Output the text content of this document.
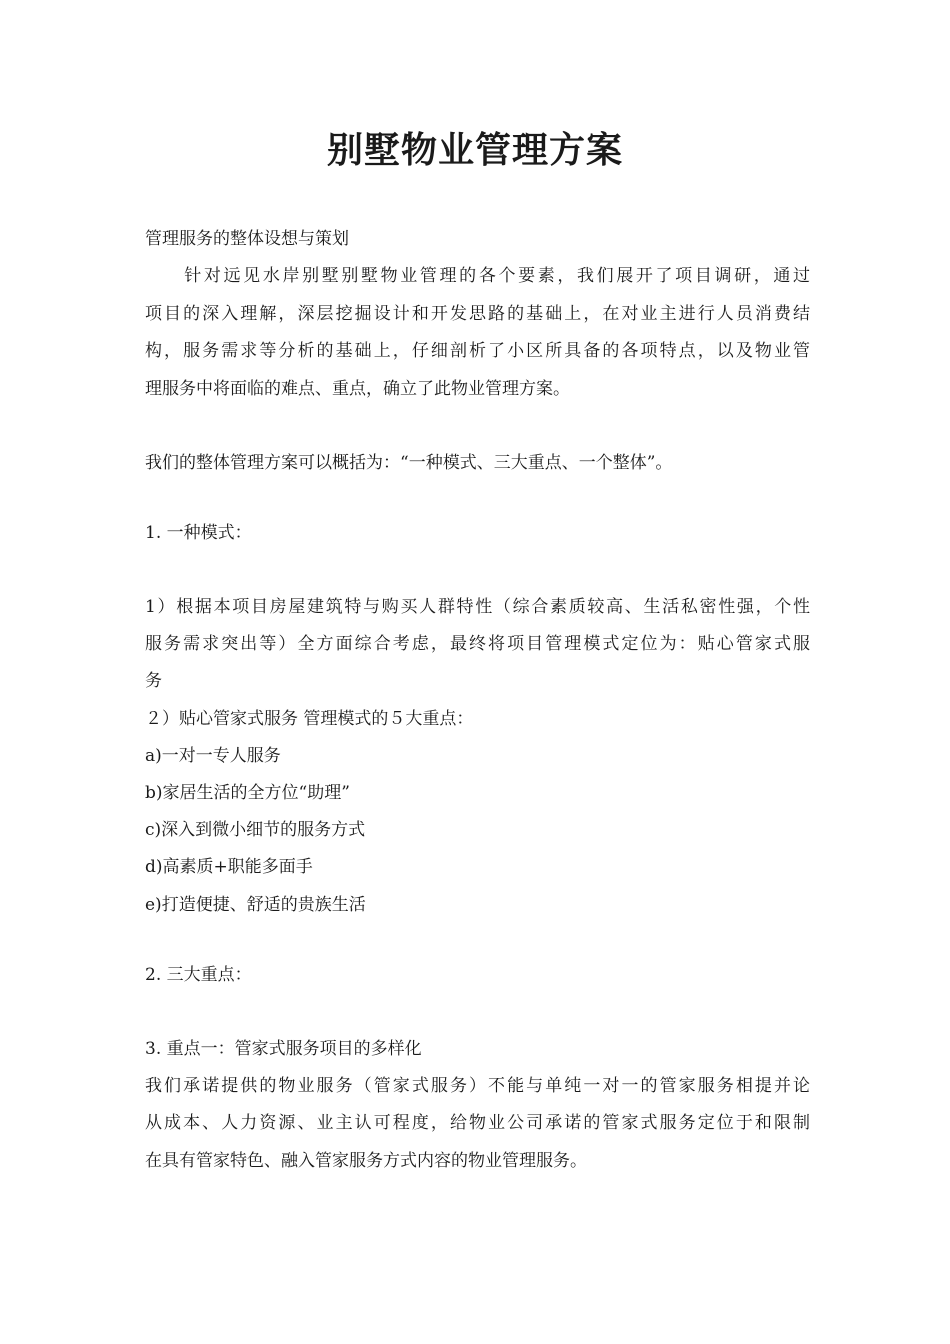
别墅物业管理方案
管理服务的整体设想与策划
　　针对远见水岸别墅别墅物业管理的各个要素，我们展开了项目调研，通过
项目的深入理解，深层挖掘设计和开发思路的基础上，在对业主进行人员消费结
构，服务需求等分析的基础上，仔细剖析了小区所具备的各项特点，以及物业管
理服务中将面临的难点、重点，确立了此物业管理方案。
我们的整体管理方案可以概括为：“一种模式、三大重点、一个整体”。
1. 一种模式：
1）根据本项目房屋建筑特与购买人群特性（综合素质较高、生活私密性强，个性
服务需求突出等）全方面综合考虑，最终将项目管理模式定位为：贴心管家式服
务
２）贴心管家式服务 管理模式的５大重点：
a)一对一专人服务
b)家居生活的全方位“助理”
c)深入到微小细节的服务方式
d)高素质+职能多面手
e)打造便捷、舒适的贵族生活
2. 三大重点：
3. 重点一：管家式服务项目的多样化
我们承诺提供的物业服务（管家式服务）不能与单纯一对一的管家服务相提并论
从成本、人力资源、业主认可程度，给物业公司承诺的管家式服务定位于和限制
在具有管家特色、融入管家服务方式内容的物业管理服务。
